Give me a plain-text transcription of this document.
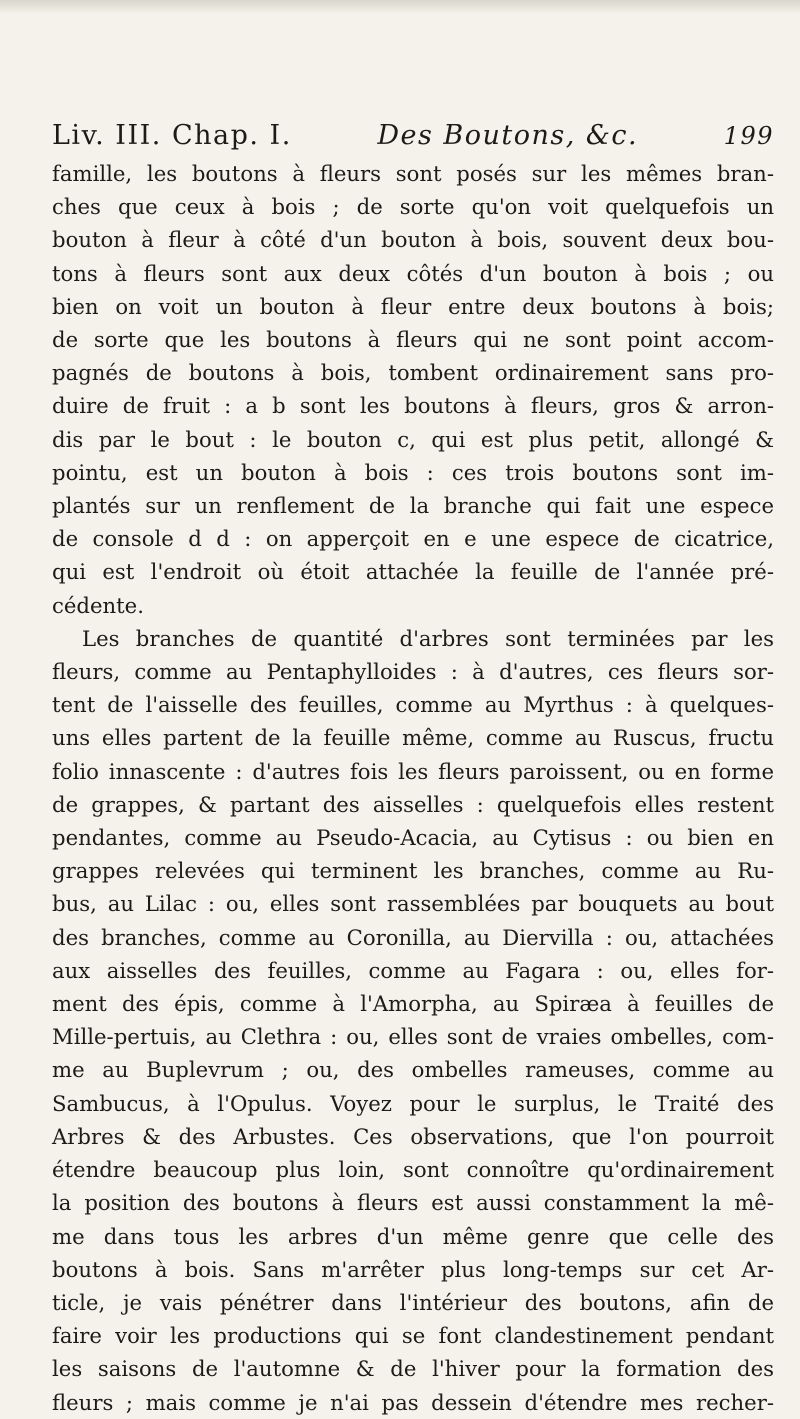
Liv. III. Chap. I.	Des Boutons, &c.	199

famille, les boutons à fleurs sont posés sur les mêmes bran-
ches que ceux à bois ; de sorte qu'on voit quelquefois un
bouton à fleur à côté d'un bouton à bois, souvent deux bou-
tons à fleurs sont aux deux côtés d'un bouton à bois ; ou
bien on voit un bouton à fleur entre deux boutons à bois;
de sorte que les boutons à fleurs qui ne sont point accom-
pagnés de boutons à bois, tombent ordinairement sans pro-
duire de fruit : a b sont les boutons à fleurs, gros & arron-
dis par le bout : le bouton c, qui est plus petit, allongé &
pointu, est un bouton à bois : ces trois boutons sont im-
plantés sur un renflement de la branche qui fait une espece
de console d d : on apperçoit en e une espece de cicatrice,
qui est l'endroit où étoit attachée la feuille de l'année pré-
cédente.

Les branches de quantité d'arbres sont terminées par les
fleurs, comme au Pentaphylloides : à d'autres, ces fleurs sor-
tent de l'aisselle des feuilles, comme au Myrthus : à quelques-
uns elles partent de la feuille même, comme au Ruscus, fructu
folio innascente : d'autres fois les fleurs paroissent, ou en forme
de grappes, & partant des aisselles : quelquefois elles restent
pendantes, comme au Pseudo-Acacia, au Cytisus : ou bien en
grappes relevées qui terminent les branches, comme au Ru-
bus, au Lilac : ou, elles sont rassemblées par bouquets au bout
des branches, comme au Coronilla, au Diervilla : ou, attachées
aux aisselles des feuilles, comme au Fagara : ou, elles for-
ment des épis, comme à l'Amorpha, au Spiræa à feuilles de
Mille-pertuis, au Clethra : ou, elles sont de vraies ombelles, com-
me au Buplevrum ; ou, des ombelles rameuses, comme au
Sambucus, à l'Opulus. Voyez pour le surplus, le Traité des
Arbres & des Arbustes. Ces observations, que l'on pourroit
étendre beaucoup plus loin, sont connoître qu'ordinairement
la position des boutons à fleurs est aussi constamment la mê-
me dans tous les arbres d'un même genre que celle des
boutons à bois. Sans m'arrêter plus long-temps sur cet Ar-
ticle, je vais pénétrer dans l'intérieur des boutons, afin de
faire voir les productions qui se font clandestinement pendant
les saisons de l'automne & de l'hiver pour la formation des
fleurs ; mais comme je n'ai pas dessein d'étendre mes recher-
